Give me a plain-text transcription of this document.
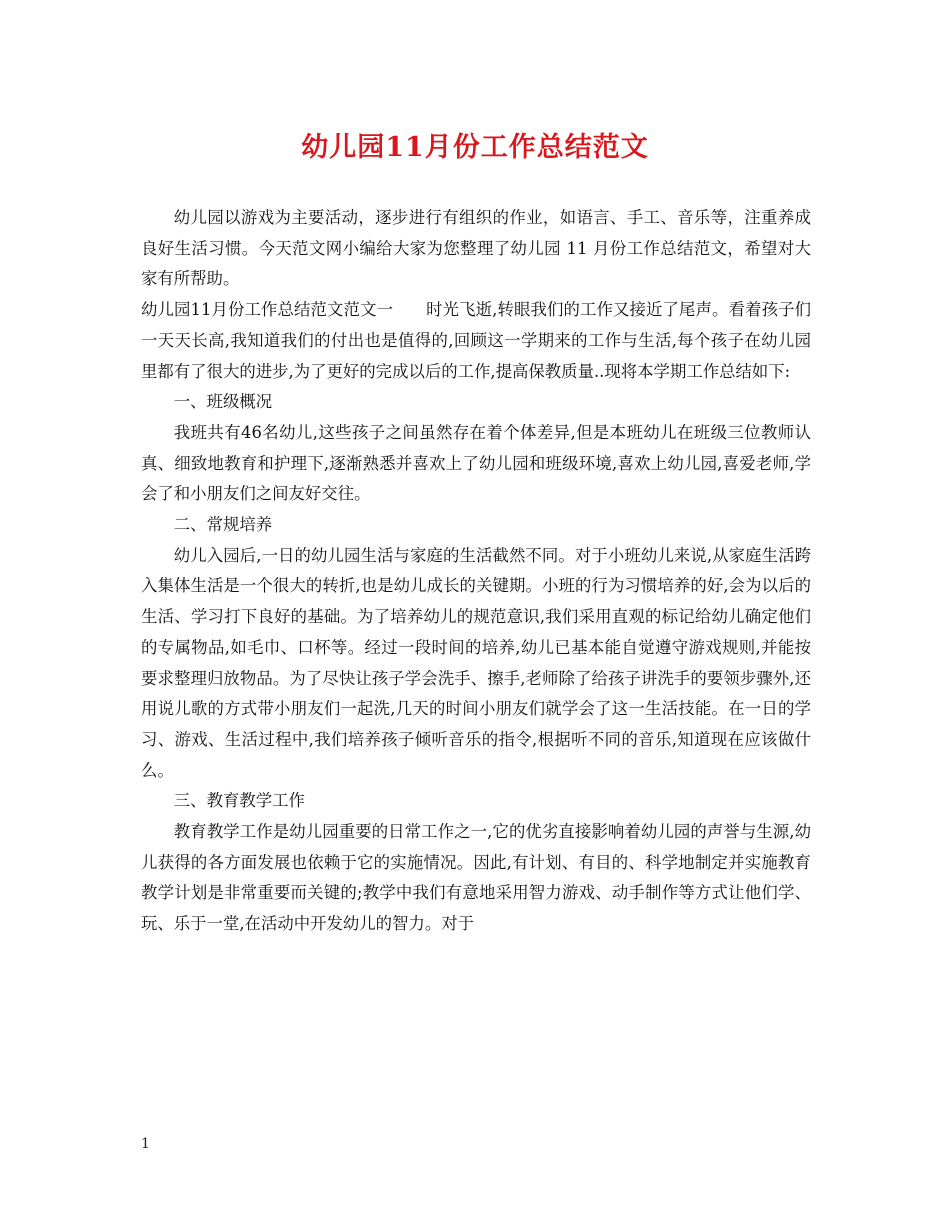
幼儿园11月份工作总结范文

幼儿园以游戏为主要活动，逐步进行有组织的作业，如语言、手工、音乐等，注重养成良好生活习惯。今天范文网小编给大家为您整理了幼儿园 11 月份工作总结范文，希望对大家有所帮助。

幼儿园11月份工作总结范文范文一　　时光飞逝,转眼我们的工作又接近了尾声。看着孩子们一天天长高,我知道我们的付出也是值得的,回顾这一学期来的工作与生活,每个孩子在幼儿园里都有了很大的进步,为了更好的完成以后的工作,提高保教质量..现将本学期工作总结如下:

一、班级概况

我班共有46名幼儿,这些孩子之间虽然存在着个体差异,但是本班幼儿在班级三位教师认真、细致地教育和护理下,逐渐熟悉并喜欢上了幼儿园和班级环境,喜欢上幼儿园,喜爱老师,学会了和小朋友们之间友好交往。

二、常规培养

幼儿入园后,一日的幼儿园生活与家庭的生活截然不同。对于小班幼儿来说,从家庭生活跨入集体生活是一个很大的转折,也是幼儿成长的关键期。小班的行为习惯培养的好,会为以后的生活、学习打下良好的基础。为了培养幼儿的规范意识,我们采用直观的标记给幼儿确定他们的专属物品,如毛巾、口杯等。经过一段时间的培养,幼儿已基本能自觉遵守游戏规则,并能按要求整理归放物品。为了尽快让孩子学会洗手、擦手,老师除了给孩子讲洗手的要领步骤外,还用说儿歌的方式带小朋友们一起洗,几天的时间小朋友们就学会了这一生活技能。在一日的学习、游戏、生活过程中,我们培养孩子倾听音乐的指令,根据听不同的音乐,知道现在应该做什么。

三、教育教学工作

教育教学工作是幼儿园重要的日常工作之一,它的优劣直接影响着幼儿园的声誉与生源,幼儿获得的各方面发展也依赖于它的实施情况。因此,有计划、有目的、科学地制定并实施教育教学计划是非常重要而关键的;教学中我们有意地采用智力游戏、动手制作等方式让他们学、玩、乐于一堂,在活动中开发幼儿的智力。对于

1
